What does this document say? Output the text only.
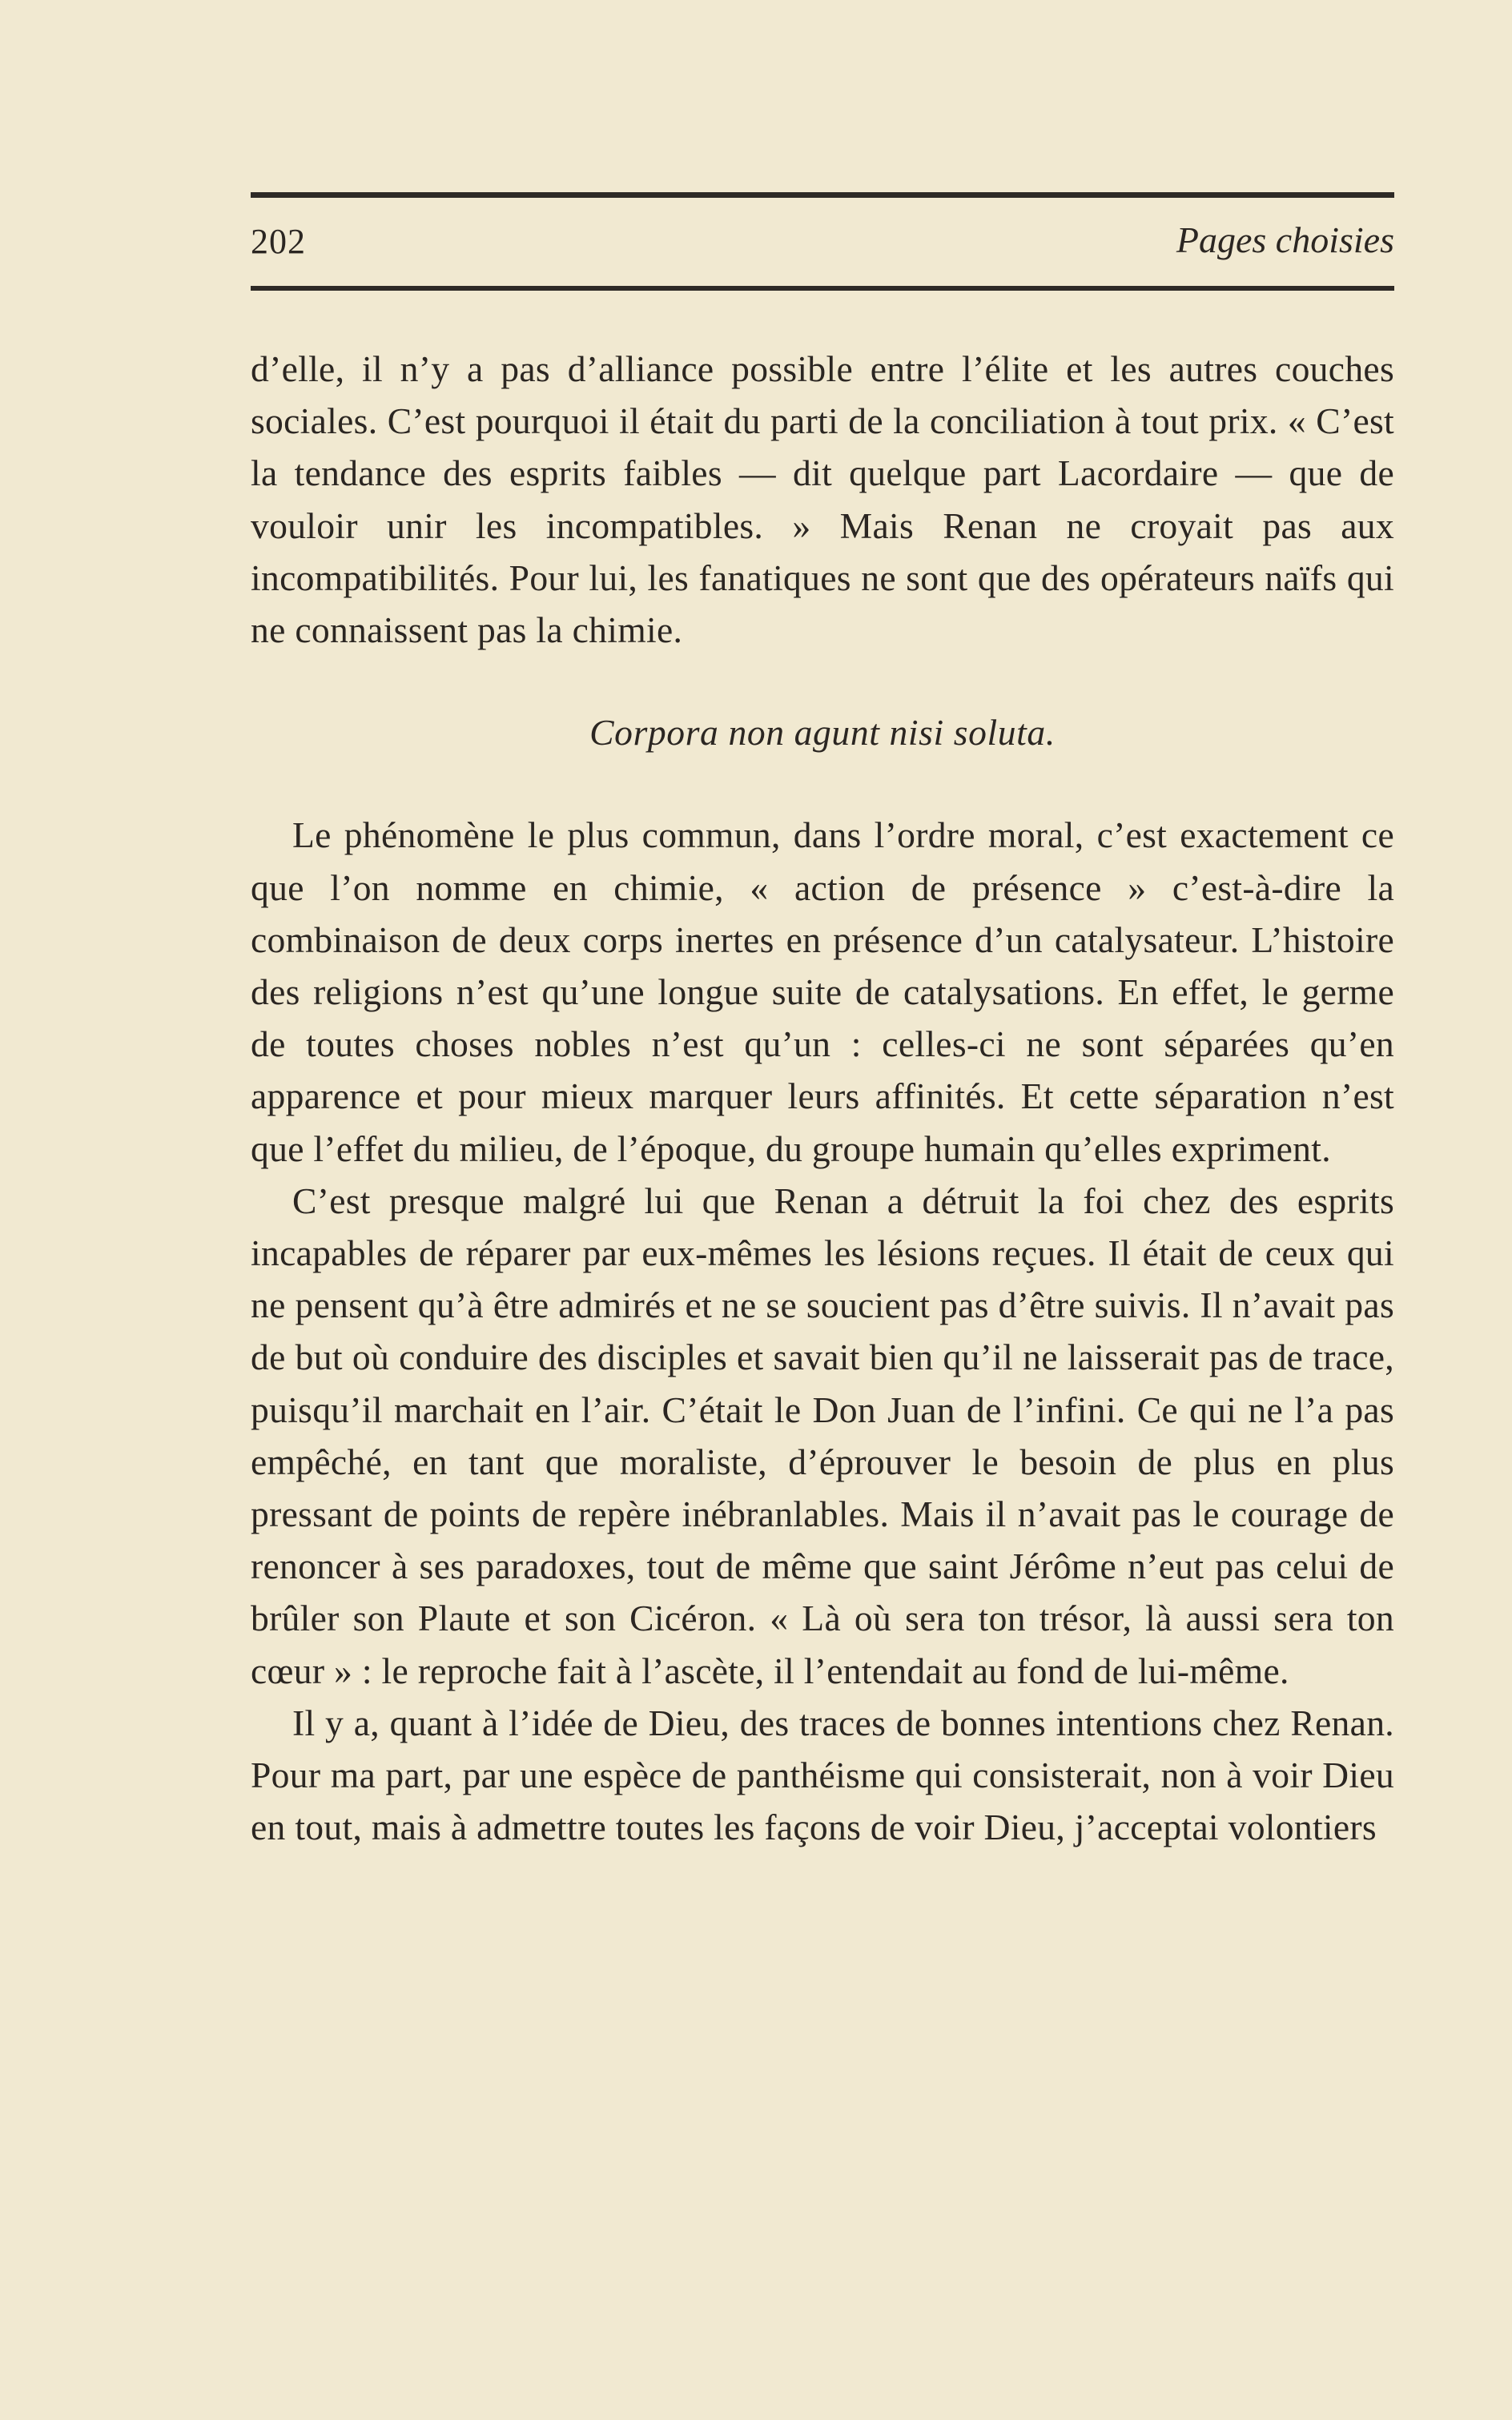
202	Pages choisies

d’elle, il n’y a pas d’alliance possible entre l’élite et les autres couches sociales. C’est pourquoi il était du parti de la conciliation à tout prix. « C’est la tendance des esprits faibles — dit quelque part Lacordaire — que de vouloir unir les incompatibles. » Mais Renan ne croyait pas aux incompatibilités. Pour lui, les fanatiques ne sont que des opérateurs naïfs qui ne connaissent pas la chimie.

Corpora non agunt nisi soluta.

Le phénomène le plus commun, dans l’ordre moral, c’est exactement ce que l’on nomme en chimie, « action de présence » c’est-à-dire la combinaison de deux corps inertes en présence d’un catalysateur. L’histoire des religions n’est qu’une longue suite de catalysations. En effet, le germe de toutes choses nobles n’est qu’un : celles-ci ne sont séparées qu’en apparence et pour mieux marquer leurs affinités. Et cette séparation n’est que l’effet du milieu, de l’époque, du groupe humain qu’elles expriment.

C’est presque malgré lui que Renan a détruit la foi chez des esprits incapables de réparer par eux-mêmes les lésions reçues. Il était de ceux qui ne pensent qu’à être admirés et ne se soucient pas d’être suivis. Il n’avait pas de but où conduire des disciples et savait bien qu’il ne laisserait pas de trace, puisqu’il marchait en l’air. C’était le Don Juan de l’infini. Ce qui ne l’a pas empêché, en tant que moraliste, d’éprouver le besoin de plus en plus pressant de points de repère inébranlables. Mais il n’avait pas le courage de renoncer à ses paradoxes, tout de même que saint Jérôme n’eut pas celui de brûler son Plaute et son Cicéron. « Là où sera ton trésor, là aussi sera ton cœur » : le reproche fait à l’ascète, il l’entendait au fond de lui-même.

Il y a, quant à l’idée de Dieu, des traces de bonnes intentions chez Renan. Pour ma part, par une espèce de panthéisme qui consisterait, non à voir Dieu en tout, mais à admettre toutes les façons de voir Dieu, j’acceptai volontiers
